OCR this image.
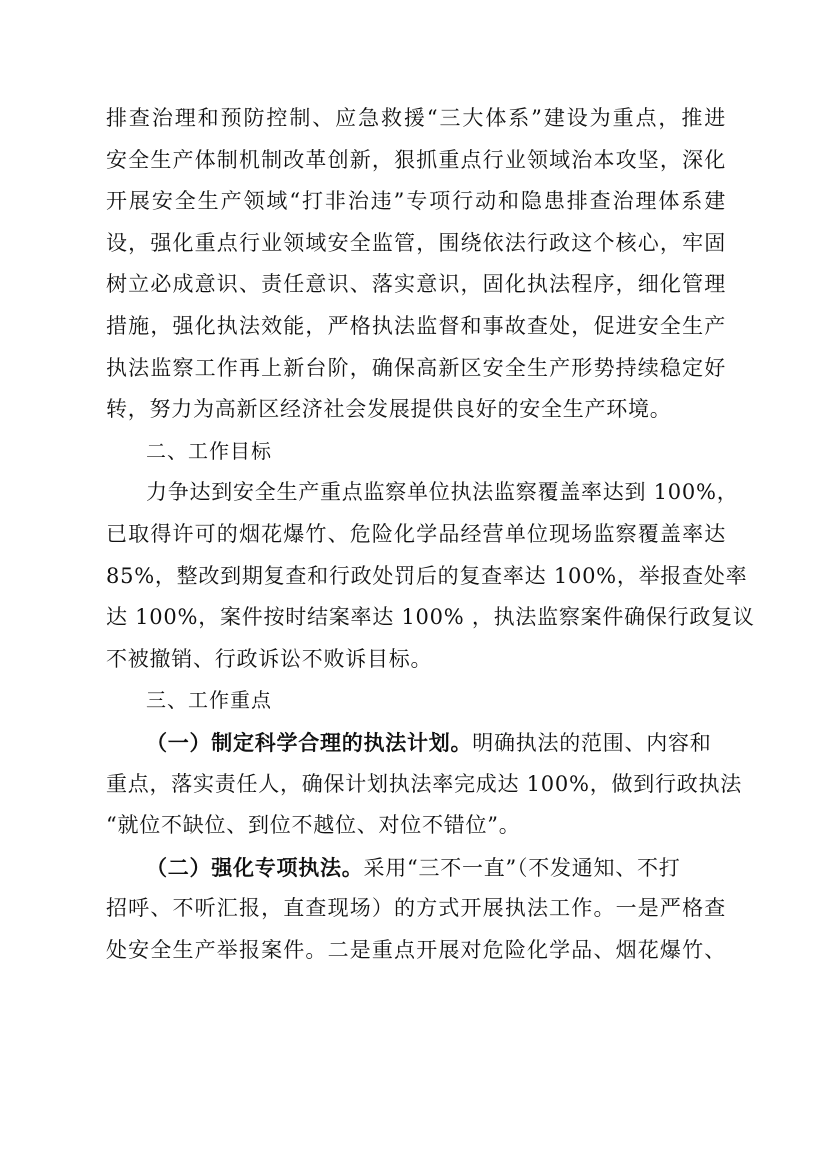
排查治理和预防控制、应急救援“三大体系”建设为重点，推进
安全生产体制机制改革创新，狠抓重点行业领域治本攻坚，深化
开展安全生产领域“打非治违”专项行动和隐患排查治理体系建
设，强化重点行业领域安全监管，围绕依法行政这个核心，牢固
树立必成意识、责任意识、落实意识，固化执法程序，细化管理
措施，强化执法效能，严格执法监督和事故查处，促进安全生产
执法监察工作再上新台阶，确保高新区安全生产形势持续稳定好
转，努力为高新区经济社会发展提供良好的安全生产环境。
二、工作目标
力争达到安全生产重点监察单位执法监察覆盖率达到 100%，
已取得许可的烟花爆竹、危险化学品经营单位现场监察覆盖率达
85%，整改到期复查和行政处罚后的复查率达 100%，举报查处率
达 100%，案件按时结案率达 100% ，执法监察案件确保行政复议
不被撤销、行政诉讼不败诉目标。
三、工作重点
（一）制定科学合理的执法计划。明确执法的范围、内容和
重点，落实责任人，确保计划执法率完成达 100%，做到行政执法
“就位不缺位、到位不越位、对位不错位”。
（二）强化专项执法。采用“三不一直”（不发通知、不打
招呼、不听汇报，直查现场）的方式开展执法工作。一是严格查
处安全生产举报案件。二是重点开展对危险化学品、烟花爆竹、
